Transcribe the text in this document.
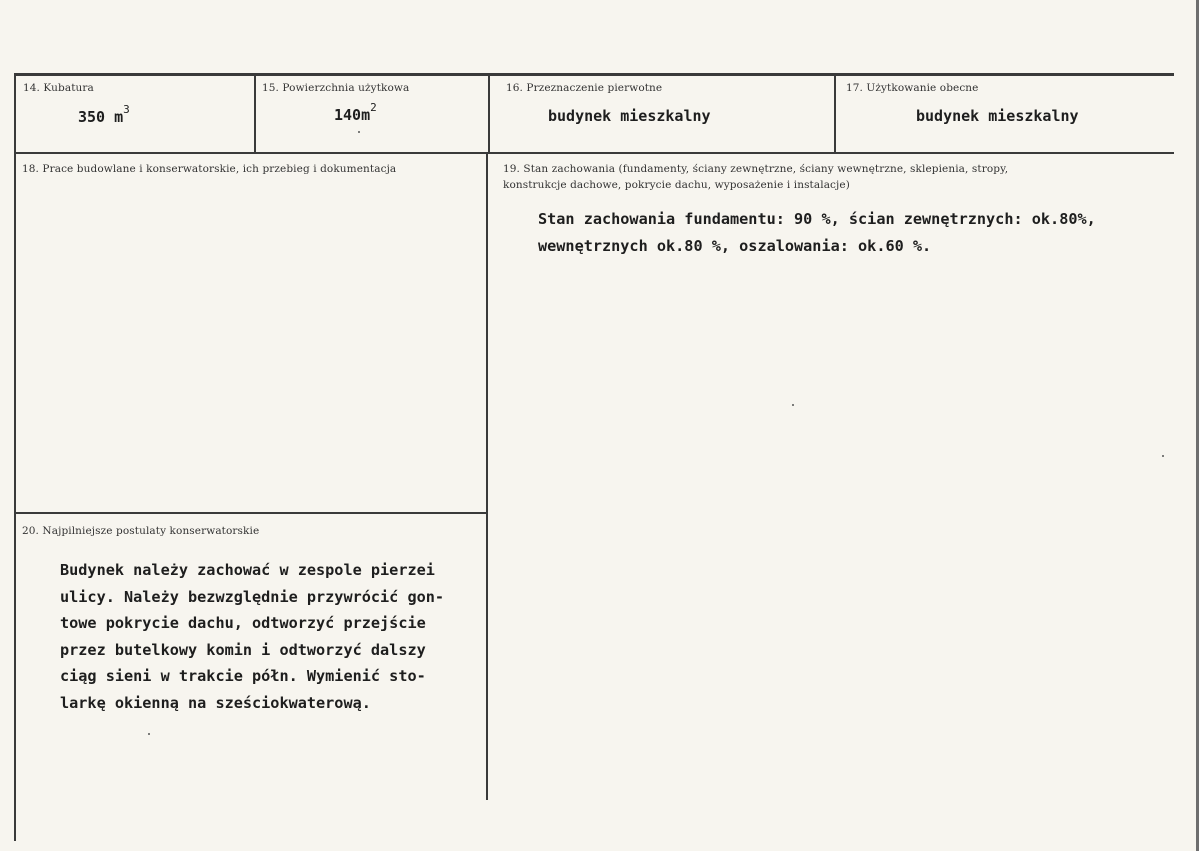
14. Kubatura
350 $m^3$
15. Powierzchnia użytkowa
$140m^2$
16. Przeznaczenie pierwotne
budynek mieszkalny
17. Użytkowanie obecne
budynek mieszkalny
18. Prace budowlane i konserwatorskie, ich przebieg i dokumentacja	19. Stan zachowania (fundamenty, ściany zewnętrzne, ściany wewnętrzne, sklepienia, stropy,
konstrukcje dachowe, pokrycie dachu, wyposażenie i instalacje)
Stan zachowania fundamentu: 90 %, ścian zewnętrznych: ok.80%,
wewnętrznych ok.80 %, oszalowania: ok.60 %.
20. Najpilniejsze postulaty konserwatorskie
Budynek należy zachować w zespole pierzei
ulicy. Należy bezwzględnie przywrócić gon-
towe pokrycie dachu, odtworzyć przejście
przez butelkowy komin i odtworzyć dalszy
ciąg sieni w trakcie półn. Wymienić sto-
larkę okienną na sześciokwaterową.
